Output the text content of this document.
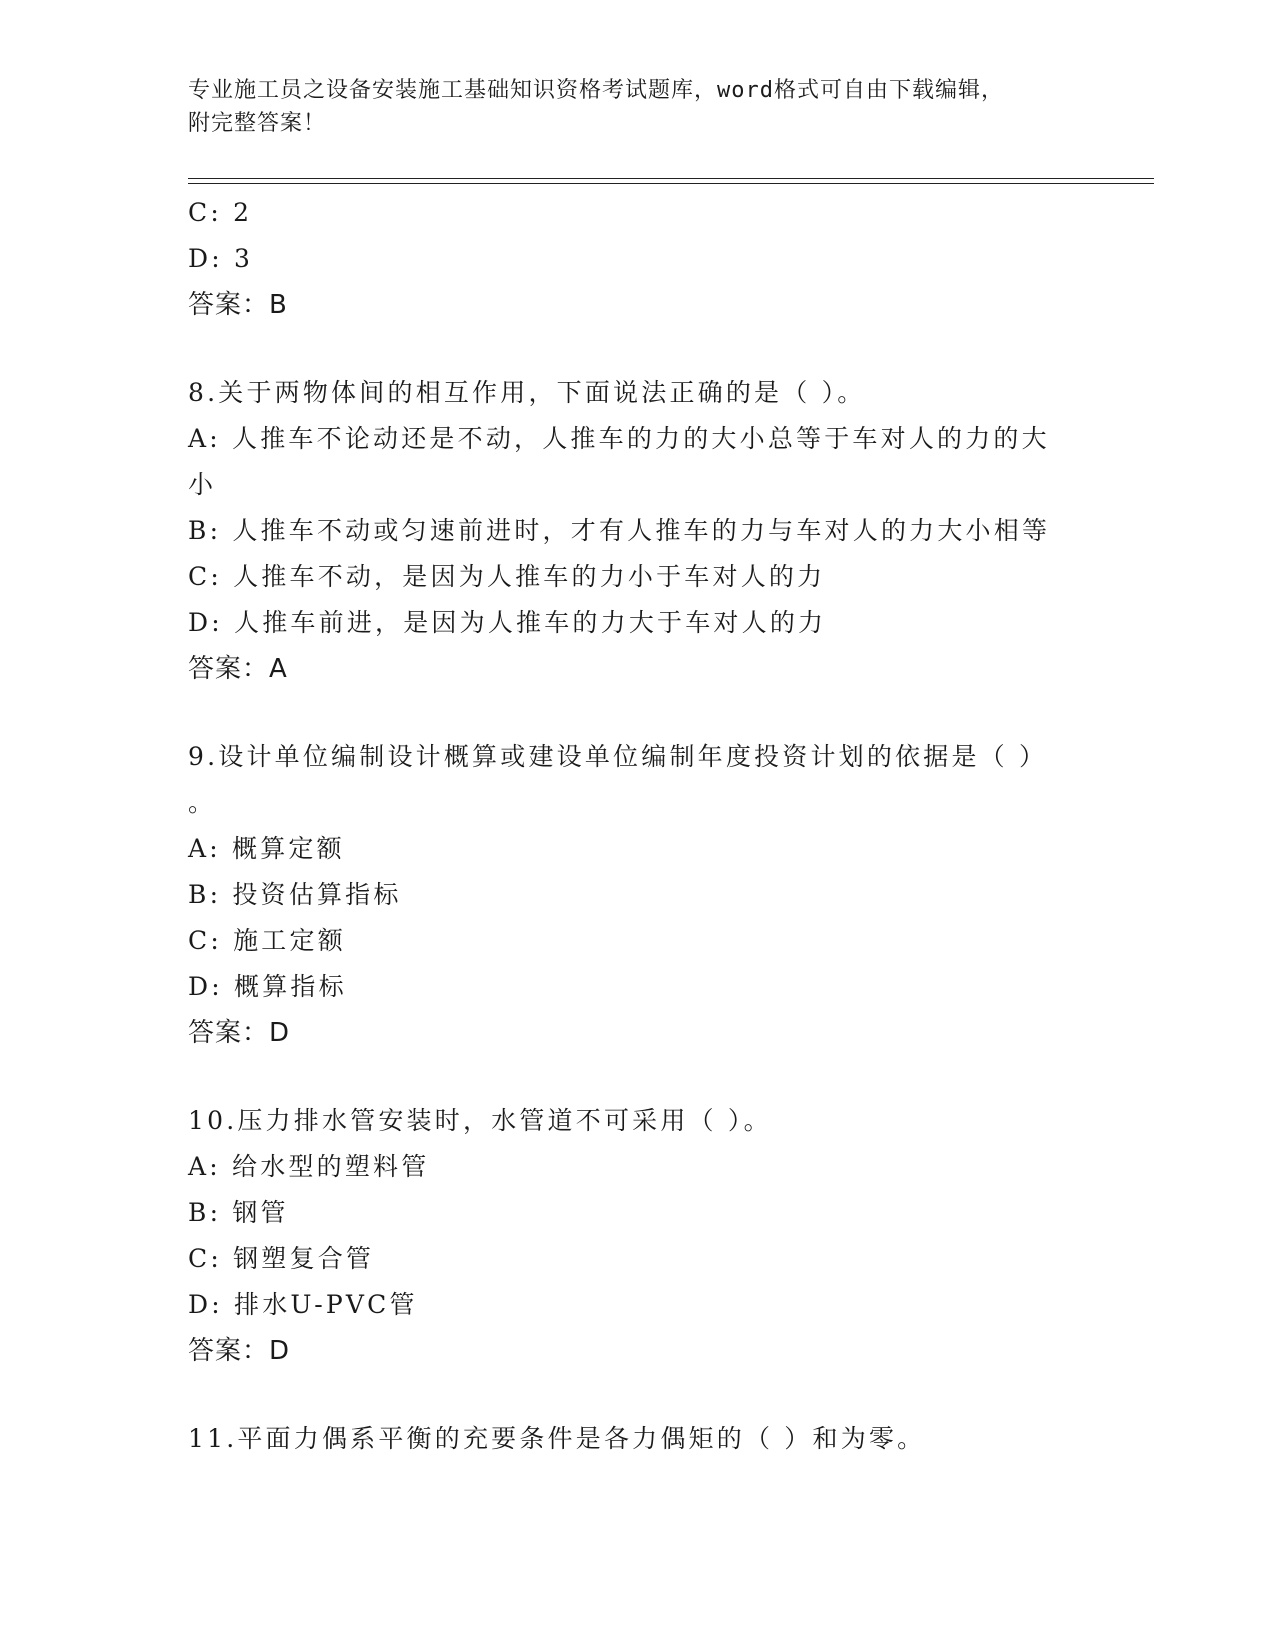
专业施工员之设备安装施工基础知识资格考试题库，word格式可自由下载编辑，
附完整答案！
C: 2
D: 3
答案：B
8.关于两物体间的相互作用，下面说法正确的是（ ）。
A: 人推车不论动还是不动，人推车的力的大小总等于车对人的力的大
小
B: 人推车不动或匀速前进时，才有人推车的力与车对人的力大小相等
C: 人推车不动，是因为人推车的力小于车对人的力
D: 人推车前进，是因为人推车的力大于车对人的力
答案：A
9.设计单位编制设计概算或建设单位编制年度投资计划的依据是（ ）
。
A: 概算定额
B: 投资估算指标
C: 施工定额
D: 概算指标
答案：D
10.压力排水管安装时，水管道不可采用（ ）。
A: 给水型的塑料管
B: 钢管
C: 钢塑复合管
D: 排水U-PVC管
答案：D
11.平面力偶系平衡的充要条件是各力偶矩的（ ）和为零。
